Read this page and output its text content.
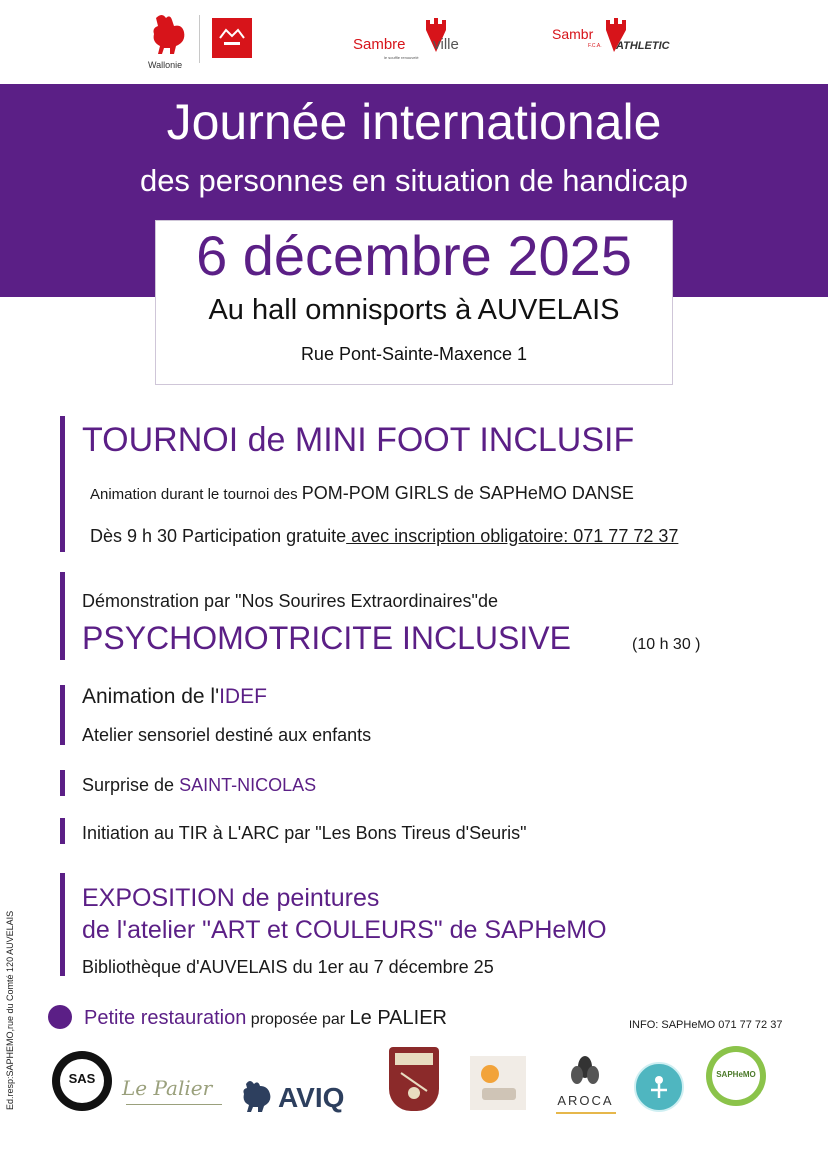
Wallonie
Sambre ville
le souffle renouvelé
Sambr
F.C.A. ATHLETIC
Journée internationale
des personnes en situation de handicap
6 décembre 2025
Au hall omnisports à AUVELAIS
Rue Pont-Sainte-Maxence 1
TOURNOI de MINI FOOT INCLUSIF
Animation durant le tournoi des POM-POM GIRLS de SAPHeMO DANSE
Dès 9 h 30 Participation gratuite avec inscription obligatoire: 071 77 72 37
Démonstration par "Nos Sourires Extraordinaires"de
PSYCHOMOTRICITE INCLUSIVE	(10 h 30 )
Animation de l'IDEF
Atelier sensoriel destiné aux enfants
Surprise de SAINT-NICOLAS
Initiation au TIR à L'ARC par "Les Bons Tireus d'Seuris"
EXPOSITION de peintures
de l'atelier "ART et COULEURS" de SAPHeMO
Bibliothèque d'AUVELAIS du 1er au 7 décembre 25
Petite restauration proposée par Le PALIER	INFO: SAPHeMO 071 77 72 37
Ed.resp:SAPHEMO,rue du Comté 120 AUVELAIS	SAS	Le Palier AVIQ	AROCA
SAPHeMO
